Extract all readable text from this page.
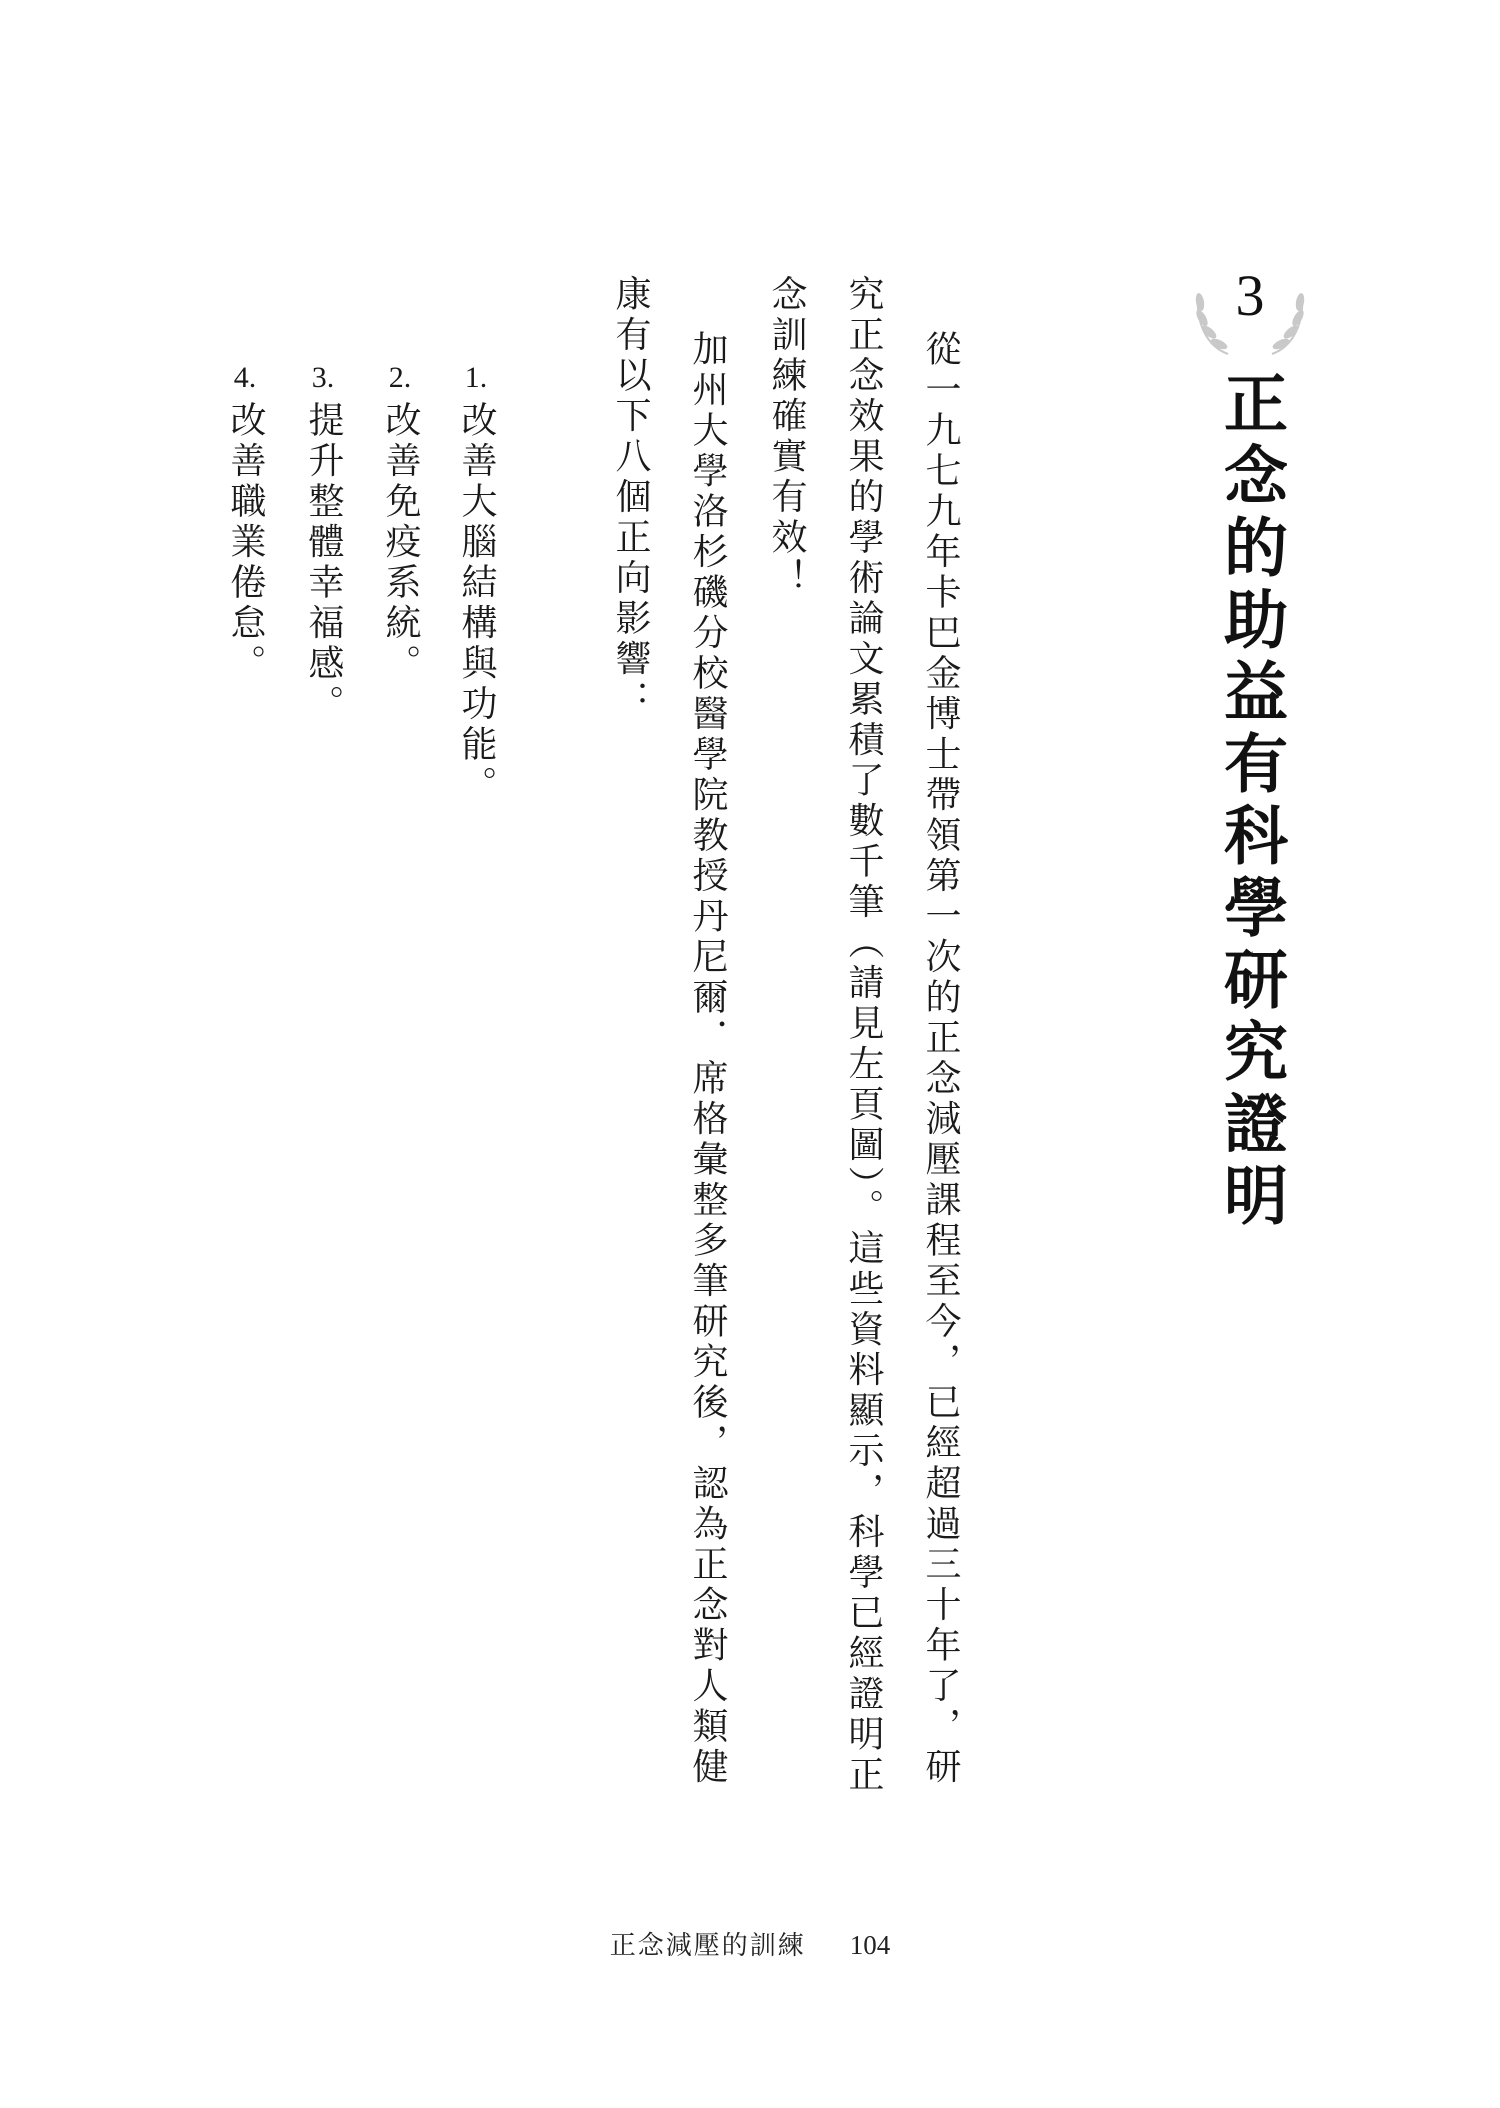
3
正念的助益有科學研究證明
從一九七九年卡巴金博士帶領第一次的正念減壓課程至今，已經超過三十年了，研
究正念效果的學術論文累積了數千筆（請見左頁圖）。這些資料顯示，科學已經證明正
念訓練確實有效！
加州大學洛杉磯分校醫學院教授丹尼爾．席格彙整多筆研究後，認為正念對人類健
康有以下八個正向影響：
1.改善大腦結構與功能。
2.改善免疫系統。
3.提升整體幸福感。
4.改善職業倦怠。
正念減壓的訓練 104
